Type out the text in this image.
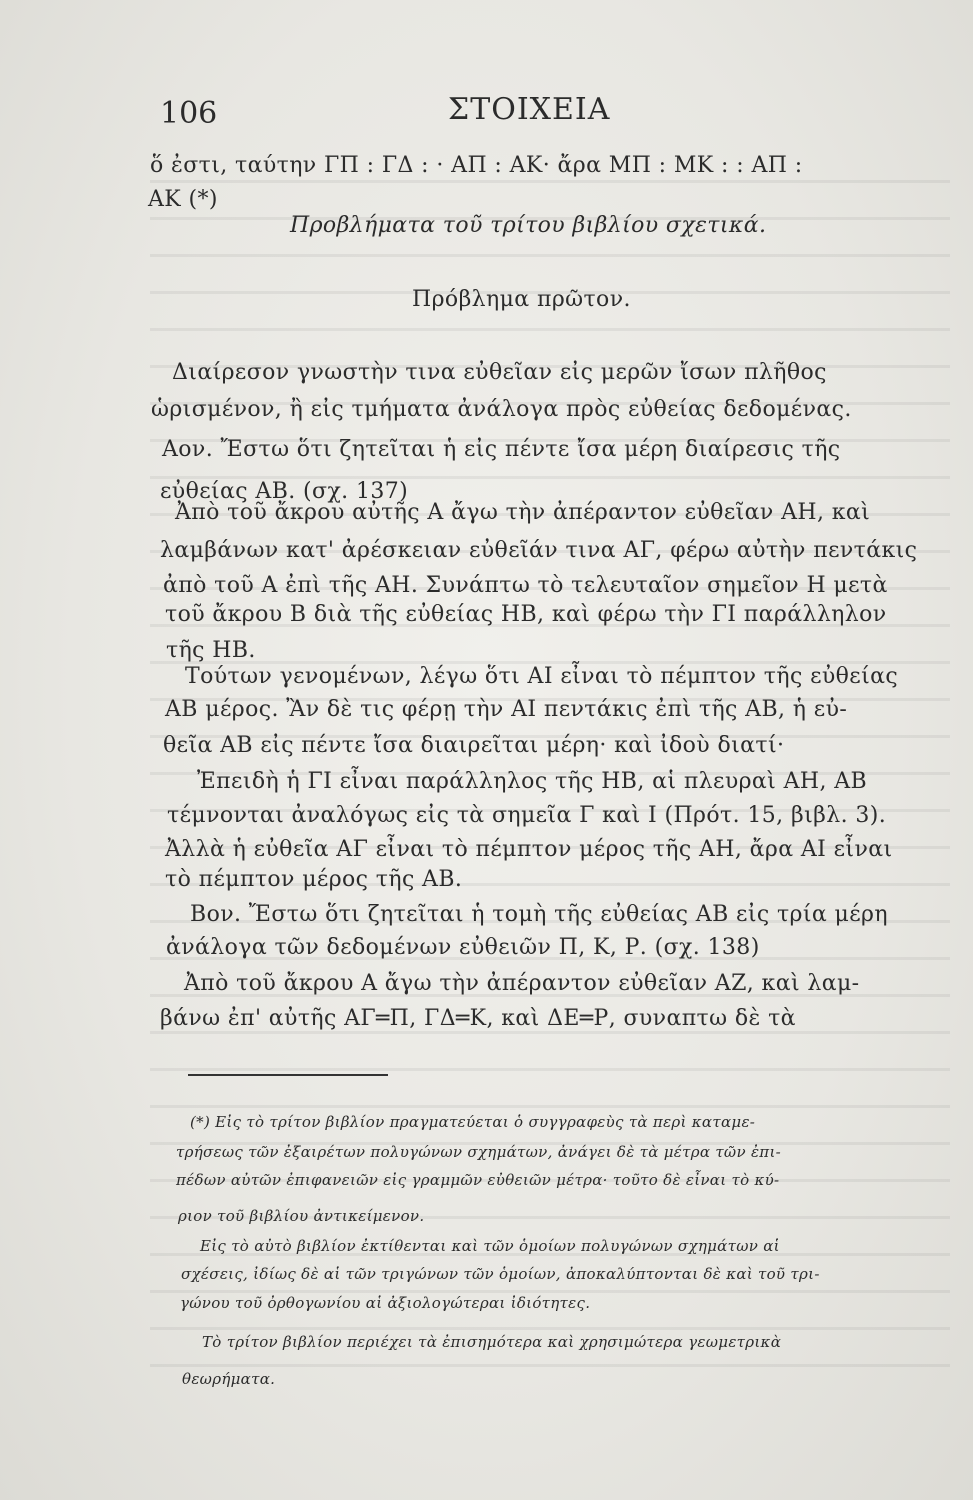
106	ΣΤΟΙΧΕΙΑ
ὅ ἐστι, ταύτην ΓΠ : ΓΔ : · ΑΠ : ΑΚ· ἄρα ΜΠ : ΜΚ : : ΑΠ :
ΑΚ (*)
Προβλήματα τοῦ τρίτου βιβλίου σχετικά.
Πρόβλημα πρῶτον.
Διαίρεσον γνωστὴν τινα εὐθεῖαν εἰς μερῶν ἴσων πλῆθος
ὡρισμένον, ἢ εἰς τμήματα ἀνάλογα πρὸς εὐθείας δεδομένας.
Αον. Ἔστω ὅτι ζητεῖται ἡ εἰς πέντε ἴσα μέρη διαίρεσις τῆς
εὐθείας ΑΒ. (σχ. 137)
Ἀπὸ τοῦ ἄκρου αὐτῆς Α ἄγω τὴν ἀπέραντον εὐθεῖαν ΑΗ, καὶ
λαμβάνων κατ' ἀρέσκειαν εὐθεῖάν τινα ΑΓ, φέρω αὐτὴν πεντάκις
ἀπὸ τοῦ Α ἐπὶ τῆς ΑΗ. Συνάπτω τὸ τελευταῖον σημεῖον Η μετὰ
τοῦ ἄκρου Β διὰ τῆς εὐθείας ΗΒ, καὶ φέρω τὴν ΓΙ παράλληλον
τῆς ΗΒ.
Τούτων γενομένων, λέγω ὅτι ΑΙ εἶναι τὸ πέμπτον τῆς εὐθείας
ΑΒ μέρος. Ἂν δὲ τις φέρῃ τὴν ΑΙ πεντάκις ἐπὶ τῆς ΑΒ, ἡ εὐ-
θεῖα ΑΒ εἰς πέντε ἴσα διαιρεῖται μέρη· καὶ ἰδοὺ διατί·
Ἐπειδὴ ἡ ΓΙ εἶναι παράλληλος τῆς ΗΒ, αἱ πλευραὶ ΑΗ, ΑΒ
τέμνονται ἀναλόγως εἰς τὰ σημεῖα Γ καὶ Ι (Πρότ. 15, βιβλ. 3).
Ἀλλὰ ἡ εὐθεῖα ΑΓ εἶναι τὸ πέμπτον μέρος τῆς ΑΗ, ἄρα ΑΙ εἶναι
τὸ πέμπτον μέρος τῆς ΑΒ.
Βον. Ἔστω ὅτι ζητεῖται ἡ τομὴ τῆς εὐθείας ΑΒ εἰς τρία μέρη
ἀνάλογα τῶν δεδομένων εὐθειῶν Π, Κ, Ρ. (σχ. 138)
Ἀπὸ τοῦ ἄκρου Α ἄγω τὴν ἀπέραντον εὐθεῖαν ΑΖ, καὶ λαμ-
βάνω ἐπ' αὐτῆς ΑΓ═Π, ΓΔ═Κ, καὶ ΔΕ═Ρ, συναπτω δὲ τὰ
(*) Εἰς τὸ τρίτον βιβλίον πραγματεύεται ὁ συγγραφεὺς τὰ περὶ καταμε-
τρήσεως τῶν ἐξαιρέτων πολυγώνων σχημάτων, ἀνάγει δὲ τὰ μέτρα τῶν ἐπι-
πέδων αὐτῶν ἐπιφανειῶν εἰς γραμμῶν εὐθειῶν μέτρα· τοῦτο δὲ εἶναι τὸ κύ-
ριον τοῦ βιβλίου ἀντικείμενον.
Εἰς τὸ αὐτὸ βιβλίον ἐκτίθενται καὶ τῶν ὁμοίων πολυγώνων σχημάτων αἱ
σχέσεις, ἰδίως δὲ αἱ τῶν τριγώνων τῶν ὁμοίων, ἀποκαλύπτονται δὲ καὶ τοῦ τρι-
γώνου τοῦ ὀρθογωνίου αἱ ἀξιολογώτεραι ἰδιότητες.
Τὸ τρίτον βιβλίον περιέχει τὰ ἐπισημότερα καὶ χρησιμώτερα γεωμετρικὰ
θεωρήματα.
